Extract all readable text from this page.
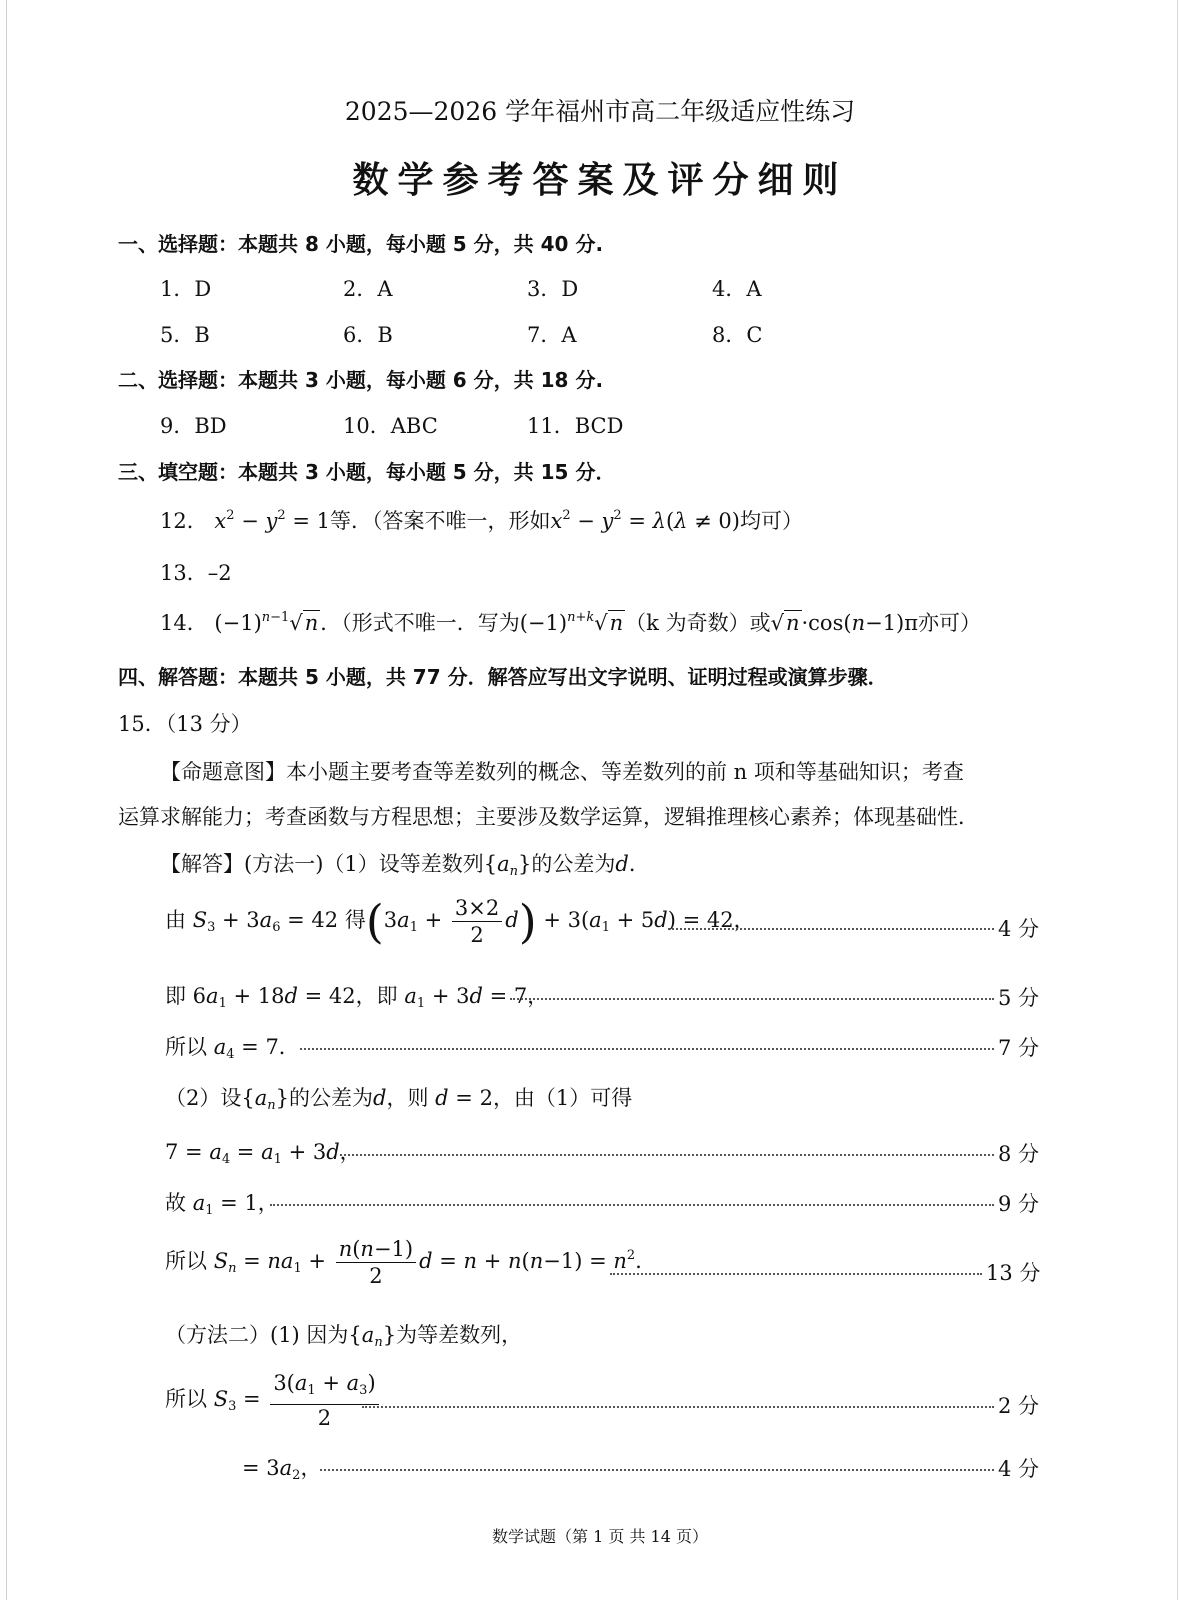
2025—2026 学年福州市高二年级适应性练习
数学参考答案及评分细则
一、选择题：本题共 8 小题，每小题 5 分，共 40 分.
1．D	2．A	3．D	4．A
5．B	6．B	7．A	8．C
二、选择题：本题共 3 小题，每小题 6 分，共 18 分.
9．BD	10．ABC	11．BCD
三、填空题：本题共 3 小题，每小题 5 分，共 15 分．
12． $x^2 - y^2 = 1$等．（答案不唯一，形如$x^2 - y^2 = \lambda(\lambda \ne 0)$均可）
13．–2
14． $(-1)^{n-1}√n$．（形式不唯一．写为$(-1)^{n+k}√n(k$ 为奇数）或√n·cos(n−1)π亦可）
四、解答题：本题共 5 小题，共 77 分．解答应写出文字说明、证明过程或演算步骤．
15．（13 分）
【命题意图】本小题主要考查等差数列的概念、等差数列的前 n 项和等基础知识；考查
运算求解能力；考查函数与方程思想；主要涉及数学运算，逻辑推理核心素养；体现基础性．
【解答】(方法一)（1）设等差数列$\{a_n\}$的公差为d．
由 $S_3 + 3a_6 = 42$ 得$(3a_1 + \frac{3\times 2}{2} d) + 3(a_1 + 5d) = 42$，	4 分
即 $6a_1 + 18d = 42$，即 $a_1 + 3d = 7$，	5 分
所以 $a_4 = 7$．	7 分
（2）设$\{a_n\}$的公差为d，则 d = 2，由（1）可得
$7 = a_4 = a_1 + 3d$，	8 分
故 $a_1 = 1$，	9 分
所以 $S_n = na_1 + \frac{n(n-1)}{2}$ $d = n + n(n-1) = n^2$．	13 分
（方法二）(1) 因为$\{a_n\}$为等差数列，
所以 $S_3 = \frac{3(a_1 + a_3)}{2}$	2 分
= $3a_2$，	4 分
数学试题（第 1 页 共 14 页）
